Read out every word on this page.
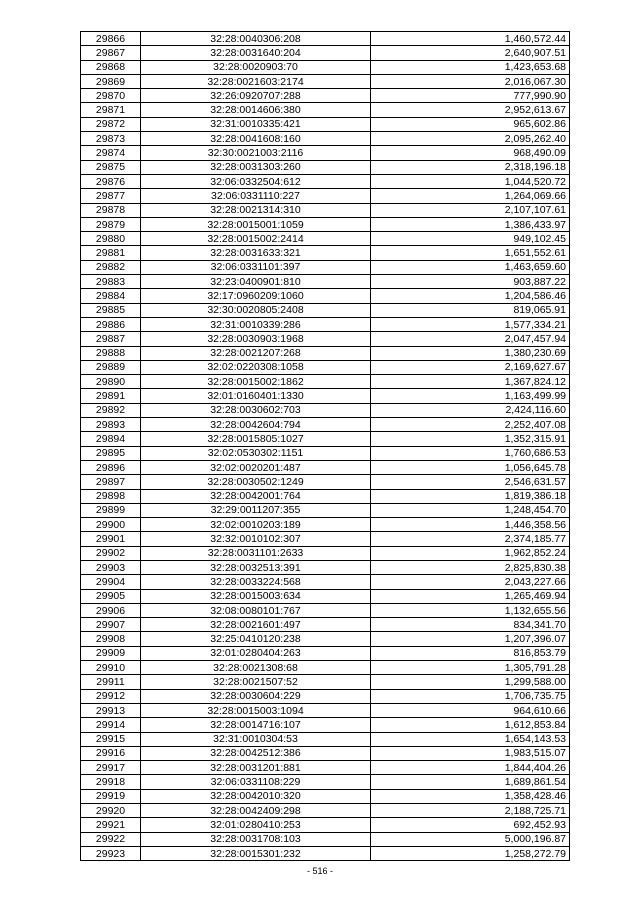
29866	32:28:0040306:208	1,460,572.44
29867	32:28:0031640:204	2,640,907.51
29868	32:28:0020903:70	1,423,653.68
29869	32:28:0021603:2174	2,016,067.30
29870	32:26:0920707:288	777,990.90
29871	32:28:0014606:380	2,952,613.67
29872	32:31:0010335:421	965,602.86
29873	32:28:0041608:160	2,095,262.40
29874	32:30:0021003:2116	968,490.09
29875	32:28:0031303:260	2,318,196.18
29876	32:06:0332504:612	1,044,520.72
29877	32:06:0331110:227	1,264,069.66
29878	32:28:0021314:310	2,107,107.61
29879	32:28:0015001:1059	1,386,433.97
29880	32:28:0015002:2414	949,102.45
29881	32:28:0031633:321	1,651,552.61
29882	32:06:0331101:397	1,463,659.60
29883	32:23:0400901:810	903,887.22
29884	32:17:0960209:1060	1,204,586.46
29885	32:30:0020805:2408	819,065.91
29886	32:31:0010339:286	1,577,334.21
29887	32:28:0030903:1968	2,047,457.94
29888	32:28:0021207:268	1,380,230.69
29889	32:02:0220308:1058	2,169,627.67
29890	32:28:0015002:1862	1,367,824.12
29891	32:01:0160401:1330	1,163,499.99
29892	32:28:0030602:703	2,424,116.60
29893	32:28:0042604:794	2,252,407.08
29894	32:28:0015805:1027	1,352,315.91
29895	32:02:0530302:1151	1,760,686.53
29896	32:02:0020201:487	1,056,645.78
29897	32:28:0030502:1249	2,546,631.57
29898	32:28:0042001:764	1,819,386.18
29899	32:29:0011207:355	1,248,454.70
29900	32:02:0010203:189	1,446,358.56
29901	32:32:0010102:307	2,374,185.77
29902	32:28:0031101:2633	1,962,852.24
29903	32:28:0032513:391	2,825,830.38
29904	32:28:0033224:568	2,043,227.66
29905	32:28:0015003:634	1,265,469.94
29906	32:08:0080101:767	1,132,655.56
29907	32:28:0021601:497	834,341.70
29908	32:25:0410120:238	1,207,396.07
29909	32:01:0280404:263	816,853.79
29910	32:28:0021308:68	1,305,791.28
29911	32:28:0021507:52	1,299,588.00
29912	32:28:0030604:229	1,706,735.75
29913	32:28:0015003:1094	964,610.66
29914	32:28:0014716:107	1,612,853.84
29915	32:31:0010304:53	1,654,143.53
29916	32:28:0042512:386	1,983,515.07
29917	32:28:0031201:881	1,844,404.26
29918	32:06:0331108:229	1,689,861.54
29919	32:28:0042010:320	1,358,428.46
29920	32:28:0042409:298	2,188,725.71
29921	32:01:0280410:253	692,452.93
29922	32:28:0031708:103	5,000,196.87
29923	32:28:0015301:232	1,258,272.79
- 516 -
